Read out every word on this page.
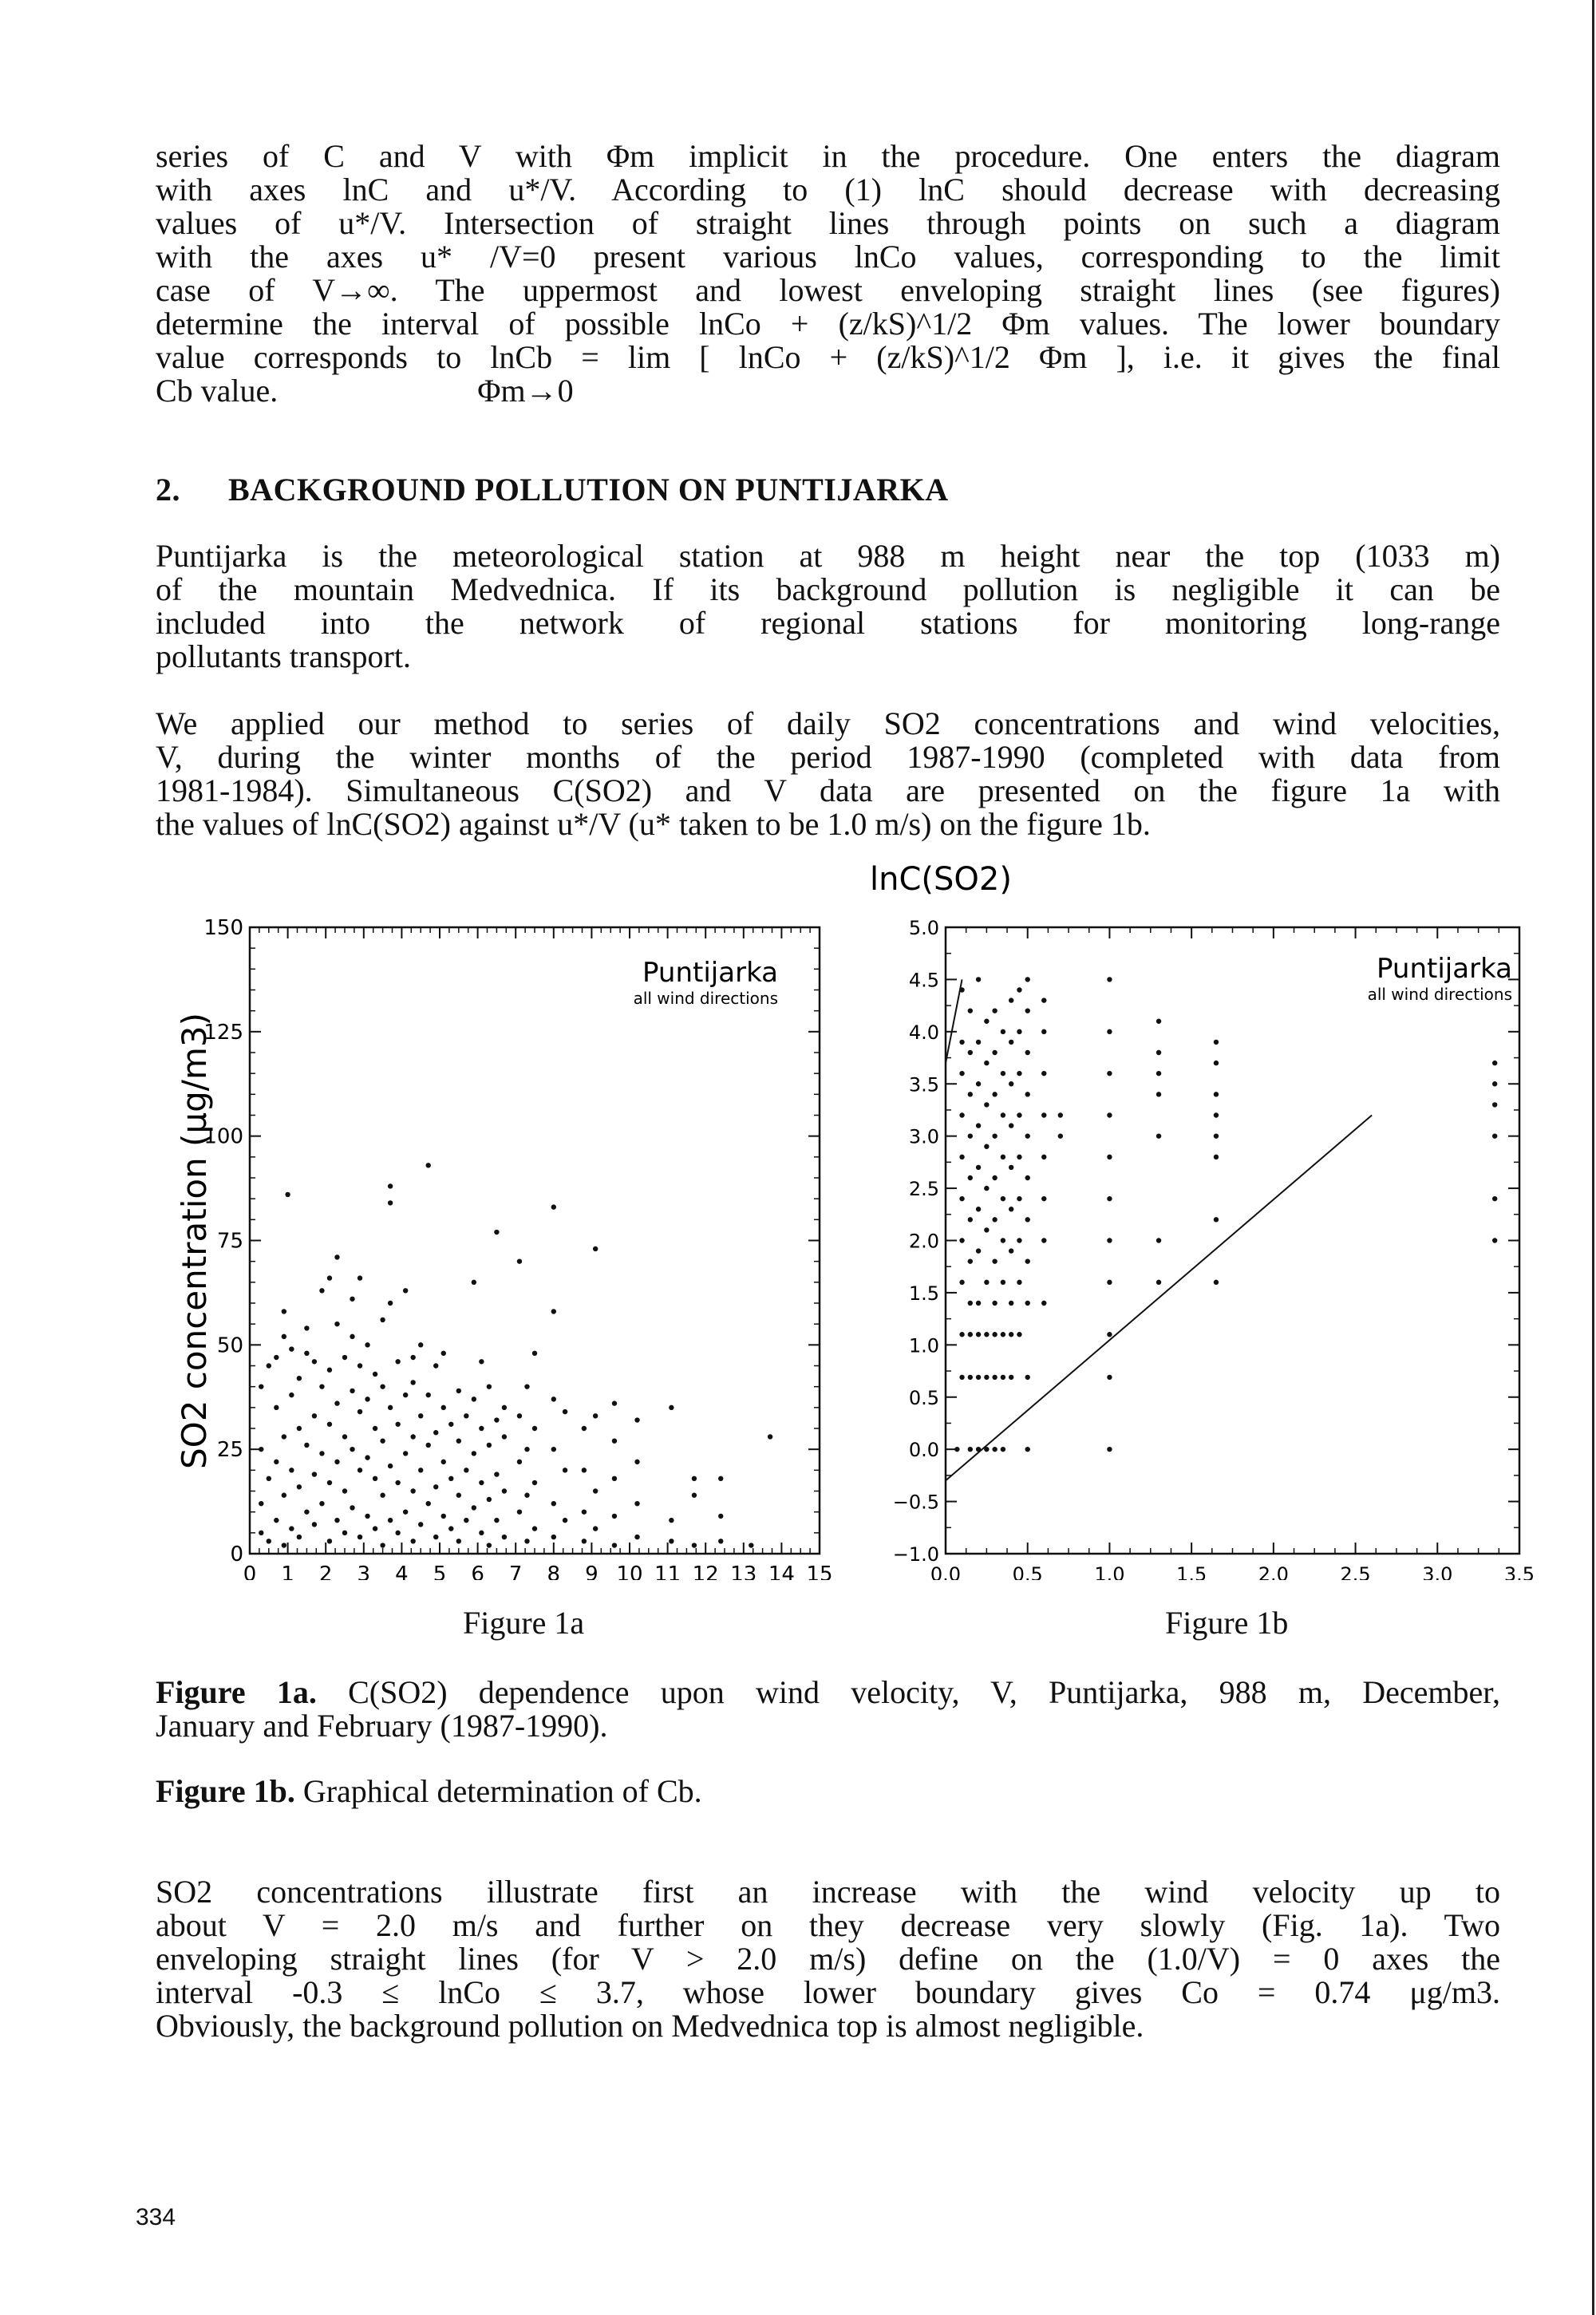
series of C and V with Φm implicit in the procedure. One enters the diagram
with axes lnC and u*/V. According to (1) lnC should decrease with decreasing
values of u*/V. Intersection of straight lines through points on such a diagram
with the axes u* /V=0 present various lnCo values, corresponding to the limit
case of V→∞. The uppermost and lowest enveloping straight lines (see figures)
determine the interval of possible lnCo + (z/kS)^1/2 Φm values. The lower boundary
value corresponds to lnCb = lim [ lnCo + (z/kS)^1/2 Φm ], i.e. it gives the final
Cb value.                         Φm→0
2. BACKGROUND POLLUTION ON PUNTIJARKA
Puntijarka is the meteorological station at 988 m height near the top (1033 m)
of the mountain Medvednica. If its background pollution is negligible it can be
included into the network of regional stations for monitoring long-range
pollutants transport.
We applied our method to series of daily SO2 concentrations and wind velocities,
V, during the winter months of the period 1987-1990 (completed with data from
1981-1984). Simultaneous C(SO2) and V data are presented on the figure 1a with
the values of lnC(SO2) against u*/V (u* taken to be 1.0 m/s) on the figure 1b.
Puntijarka
all wind directions
SO2 concentration (μg/m3)
0 1 2 3 4 5 6 7 8 9 10 11 12 13 14 15
0
25
50
75
100
125
150
lnC(SO2)
Puntijarka
all wind directions
0.0	0.5	1.0	1.5	2.0	2.5	3.0	3.5
−1.0
−0.5
0.0
0.5
1.0
1.5
2.0
2.5
3.0
3.5
4.0
4.5
5.0
Figure 1a	Figure 1b
Figure 1a. C(SO2) dependence upon wind velocity, V, Puntijarka, 988 m, December,
January and February (1987-1990).
Figure 1b. Graphical determination of Cb.
SO2 concentrations illustrate first an increase with the wind velocity up to
about V = 2.0 m/s and further on they decrease very slowly (Fig. 1a). Two
enveloping straight lines (for V > 2.0 m/s) define on the (1.0/V) = 0 axes the
interval -0.3 ≤ lnCo ≤ 3.7, whose lower boundary gives Co = 0.74 μg/m3.
Obviously, the background pollution on Medvednica top is almost negligible.
334
